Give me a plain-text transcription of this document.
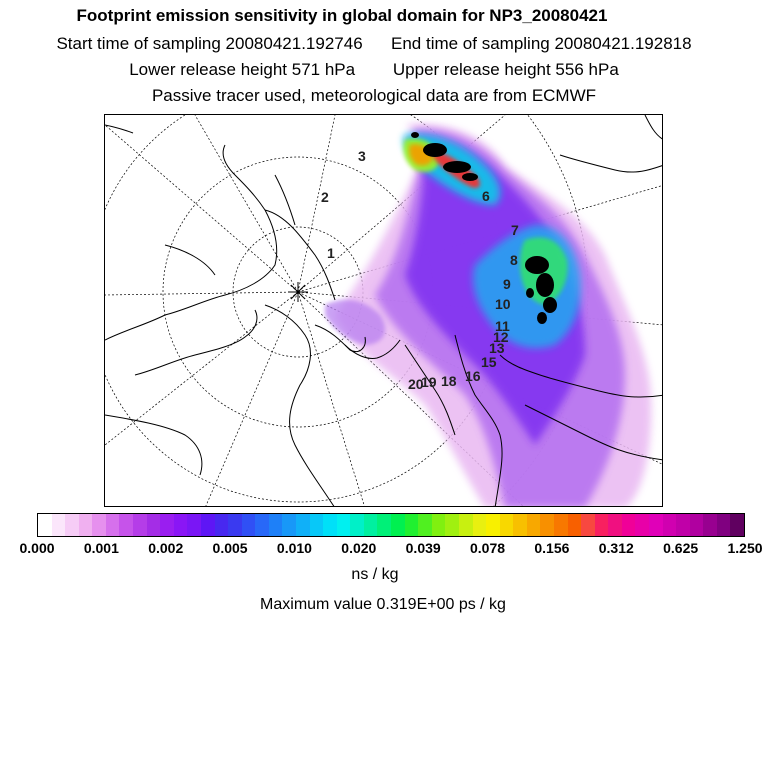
Footprint emission sensitivity in global domain for NP3_20080421
Start time of sampling 20080421.192746 End time of sampling 20080421.192818
Lower release height 571 hPa Upper release height 556 hPa
Passive tracer used, meteorological data are from ECMWF
3
2
1
6
7
8
9
10
11
12
13
15
16
18
19
20
0.000 0.001 0.002 0.005 0.010 0.020 0.039 0.078 0.156 0.312 0.625 1.250
ns / kg
Maximum value 0.319E+00 ps / kg
